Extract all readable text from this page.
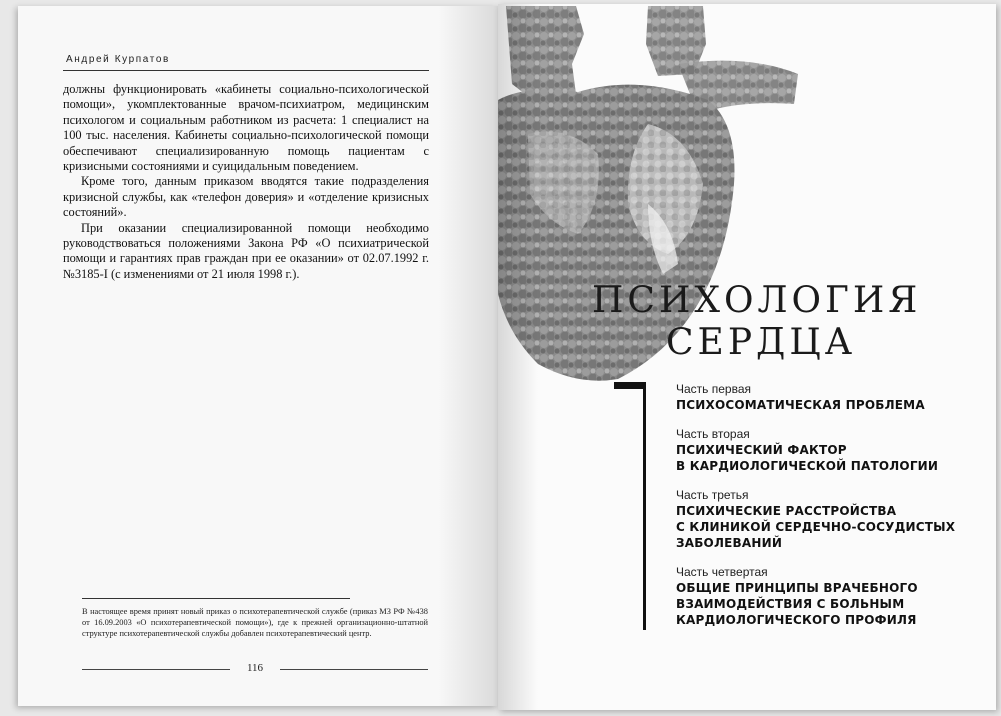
Андрей Курпатов

должны функционировать «кабинеты социально-психологической помощи», укомплектованные врачом-психиатром, медицинским психологом и социальным работником из расчета: 1 специалист на 100 тыс. населения. Кабинеты социально-психологической помощи обеспечивают специализированную помощь пациентам с кризисными состояниями и суицидальным поведением.

Кроме того, данным приказом вводятся такие подразделения кризисной службы, как «телефон доверия» и «отделение кризисных состояний».

При оказании специализированной помощи необходимо руководствоваться положениями Закона РФ «О психиатрической помощи и гарантиях прав граждан при ее оказании» от 02.07.1992 г. №3185-I (с изменениями от 21 июля 1998 г.).

В настоящее время принят новый приказ о психотерапевтической службе (приказ МЗ РФ №438 от 16.09.2003 «О психотерапевтической помощи»), где к прежней организационно-штатной структуре психотерапевтической службы добавлен психотерапевтический центр.
116
ПСИХОЛОГИЯ
СЕРДЦА
Часть первая
ПСИХОСОМАТИЧЕСКАЯ ПРОБЛЕМА
Часть вторая
ПСИХИЧЕСКИЙ ФАКТОР
В КАРДИОЛОГИЧЕСКОЙ ПАТОЛОГИИ
Часть третья
ПСИХИЧЕСКИЕ РАССТРОЙСТВА
С КЛИНИКОЙ СЕРДЕЧНО-СОСУДИСТЫХ
ЗАБОЛЕВАНИЙ
Часть четвертая
ОБЩИЕ ПРИНЦИПЫ ВРАЧЕБНОГО
ВЗАИМОДЕЙСТВИЯ С БОЛЬНЫМ
КАРДИОЛОГИЧЕСКОГО ПРОФИЛЯ
